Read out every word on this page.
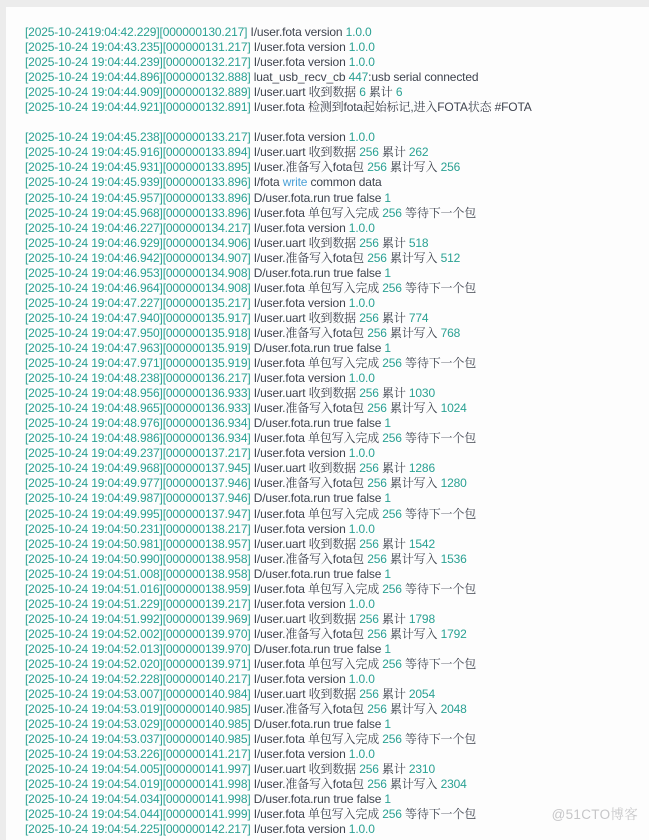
[2025-10-2419:04:42.229][000000130.217] I/user.fota version 1.0.0
[2025-10-24 19:04:43.235][000000131.217] I/user.fota version 1.0.0
[2025-10-24 19:04:44.239][000000132.217] I/user.fota version 1.0.0
[2025-10-24 19:04:44.896][000000132.888] luat_usb_recv_cb 447:usb serial connected
[2025-10-24 19:04:44.909][000000132.889] I/user.uart 收到数据 6 累计 6
[2025-10-24 19:04:44.921][000000132.891] I/user.fota 检测到fota起始标记,进入FOTA状态 #FOTA

[2025-10-24 19:04:45.238][000000133.217] I/user.fota version 1.0.0
[2025-10-24 19:04:45.916][000000133.894] I/user.uart 收到数据 256 累计 262
[2025-10-24 19:04:45.931][000000133.895] I/user.准备写入fota包 256 累计写入 256
[2025-10-24 19:04:45.939][000000133.896] I/fota write common data
[2025-10-24 19:04:45.957][000000133.896] D/user.fota.run true false 1
[2025-10-24 19:04:45.968][000000133.896] I/user.fota 单包写入完成 256 等待下一个包
[2025-10-24 19:04:46.227][000000134.217] I/user.fota version 1.0.0
[2025-10-24 19:04:46.929][000000134.906] I/user.uart 收到数据 256 累计 518
[2025-10-24 19:04:46.942][000000134.907] I/user.准备写入fota包 256 累计写入 512
[2025-10-24 19:04:46.953][000000134.908] D/user.fota.run true false 1
[2025-10-24 19:04:46.964][000000134.908] I/user.fota 单包写入完成 256 等待下一个包
[2025-10-24 19:04:47.227][000000135.217] I/user.fota version 1.0.0
[2025-10-24 19:04:47.940][000000135.917] I/user.uart 收到数据 256 累计 774
[2025-10-24 19:04:47.950][000000135.918] I/user.准备写入fota包 256 累计写入 768
[2025-10-24 19:04:47.963][000000135.919] D/user.fota.run true false 1
[2025-10-24 19:04:47.971][000000135.919] I/user.fota 单包写入完成 256 等待下一个包
[2025-10-24 19:04:48.238][000000136.217] I/user.fota version 1.0.0
[2025-10-24 19:04:48.956][000000136.933] I/user.uart 收到数据 256 累计 1030
[2025-10-24 19:04:48.965][000000136.933] I/user.准备写入fota包 256 累计写入 1024
[2025-10-24 19:04:48.976][000000136.934] D/user.fota.run true false 1
[2025-10-24 19:04:48.986][000000136.934] I/user.fota 单包写入完成 256 等待下一个包
[2025-10-24 19:04:49.237][000000137.217] I/user.fota version 1.0.0
[2025-10-24 19:04:49.968][000000137.945] I/user.uart 收到数据 256 累计 1286
[2025-10-24 19:04:49.977][000000137.946] I/user.准备写入fota包 256 累计写入 1280
[2025-10-24 19:04:49.987][000000137.946] D/user.fota.run true false 1
[2025-10-24 19:04:49.995][000000137.947] I/user.fota 单包写入完成 256 等待下一个包
[2025-10-24 19:04:50.231][000000138.217] I/user.fota version 1.0.0
[2025-10-24 19:04:50.981][000000138.957] I/user.uart 收到数据 256 累计 1542
[2025-10-24 19:04:50.990][000000138.958] I/user.准备写入fota包 256 累计写入 1536
[2025-10-24 19:04:51.008][000000138.958] D/user.fota.run true false 1
[2025-10-24 19:04:51.016][000000138.959] I/user.fota 单包写入完成 256 等待下一个包
[2025-10-24 19:04:51.229][000000139.217] I/user.fota version 1.0.0
[2025-10-24 19:04:51.992][000000139.969] I/user.uart 收到数据 256 累计 1798
[2025-10-24 19:04:52.002][000000139.970] I/user.准备写入fota包 256 累计写入 1792
[2025-10-24 19:04:52.013][000000139.970] D/user.fota.run true false 1
[2025-10-24 19:04:52.020][000000139.971] I/user.fota 单包写入完成 256 等待下一个包
[2025-10-24 19:04:52.228][000000140.217] I/user.fota version 1.0.0
[2025-10-24 19:04:53.007][000000140.984] I/user.uart 收到数据 256 累计 2054
[2025-10-24 19:04:53.019][000000140.985] I/user.准备写入fota包 256 累计写入 2048
[2025-10-24 19:04:53.029][000000140.985] D/user.fota.run true false 1
[2025-10-24 19:04:53.037][000000140.985] I/user.fota 单包写入完成 256 等待下一个包
[2025-10-24 19:04:53.226][000000141.217] I/user.fota version 1.0.0
[2025-10-24 19:04:54.005][000000141.997] I/user.uart 收到数据 256 累计 2310
[2025-10-24 19:04:54.019][000000141.998] I/user.准备写入fota包 256 累计写入 2304
[2025-10-24 19:04:54.034][000000141.998] D/user.fota.run true false 1
[2025-10-24 19:04:54.044][000000141.999] I/user.fota 单包写入完成 256 等待下一个包
[2025-10-24 19:04:54.225][000000142.217] I/user.fota version 1.0.0
@51CTO博客
